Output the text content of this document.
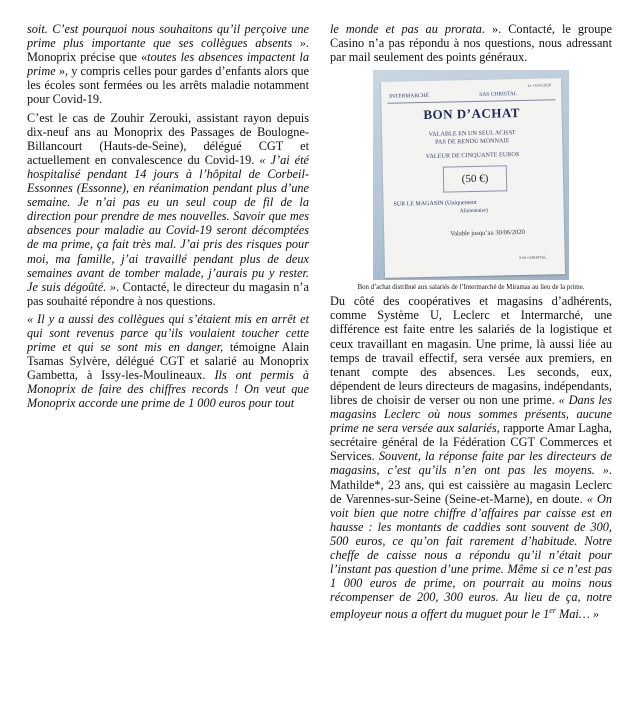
soit. C’est pourquoi nous souhaitons qu’il perçoive une prime plus importante que ses collègues absents ». Monoprix précise que «toutes les absences impactent la prime », y compris celles pour gardes d’enfants alors que les écoles sont fermées ou les arrêts maladie notamment pour Covid-19.

C’est le cas de Zouhir Zerouki, assistant rayon depuis dix-neuf ans au Monoprix des Passages de Boulogne-Billancourt (Hauts-de-Seine), délégué CGT et actuellement en convalescence du Covid-19. « J’ai été hospitalisé pendant 14 jours à l’hôpital de Corbeil-Essonnes (Essonne), en réanimation pendant plus d’une semaine. Je n’ai pas eu un seul coup de fil de la direction pour prendre de mes nouvelles. Savoir que mes absences pour maladie au Covid-19 seront décomptées de ma prime, ça fait très mal. J’ai pris des risques pour moi, ma famille, j’ai travaillé pendant plus de deux semaines avant de tomber malade, j’aurais pu y rester. Je suis dégoûté. ». Contacté, le directeur du magasin n’a pas souhaité répondre à nos questions.

« Il y a aussi des collègues qui s’étaient mis en arrêt et qui sont revenus parce qu’ils voulaient toucher cette prime et qui se sont mis en danger, témoigne Alain Tsamas Sylvère, délégué CGT et salarié au Monoprix Gambetta, à Issy-les-Moulineaux. Ils ont permis à Monoprix de faire des chiffres records ! On veut que Monoprix accorde une prime de 1 000 euros pour tout

le monde et pas au prorata. ». Contacté, le groupe Casino n’a pas répondu à nos questions, nous adressant par mail seulement des points généraux.

Le 16/03/2020
INTERMARCHÉ	SAS CHRISTAL
BON D’ACHAT
VALABLE EN UN SEUL ACHAT
PAS DE RENDU MONNAIE
VALEUR DE CINQUANTE EUROS
(50 €)
SUR LE MAGASIN (Uniquement
Alimentaire)
Valable jusqu’au 30/06/2020
SAS CHRISTAL
Bon d’achat distribué aux salariés de l’Intermarché de Miramas au lieu de la prime.

Du côté des coopératives et magasins d’adhérents, comme Système U, Leclerc et Intermarché, une différence est faite entre les salariés de la logistique et ceux travaillant en magasin. Une prime, là aussi liée au temps de travail effectif, sera versée aux premiers, en tenant compte des absences. Les seconds, eux, dépendent de leurs directeurs de magasins, indépendants, libres de choisir de verser ou non une prime. « Dans les magasins Leclerc où nous sommes présents, aucune prime ne sera versée aux salariés, rapporte Amar Lagha, secrétaire général de la Fédération CGT Commerces et Services. Souvent, la réponse faite par les directeurs de magasins, c’est qu’ils n’en ont pas les moyens. ». Mathilde*, 23 ans, qui est caissière au magasin Leclerc de Varennes-sur-Seine (Seine-et-Marne), en doute. « On voit bien que notre chiffre d’affaires par caisse est en hausse : les montants de caddies sont souvent de 300, 500 euros, ce qu’on fait rarement d’habitude. Notre cheffe de caisse nous a répondu qu’il n’était pour l’instant pas question d’une prime. Même si ce n’est pas 1 000 euros de prime, on pourrait au moins nous récompenser de 200, 300 euros. Au lieu de ça, notre employeur nous a offert du muguet pour le 1er Mai… »
